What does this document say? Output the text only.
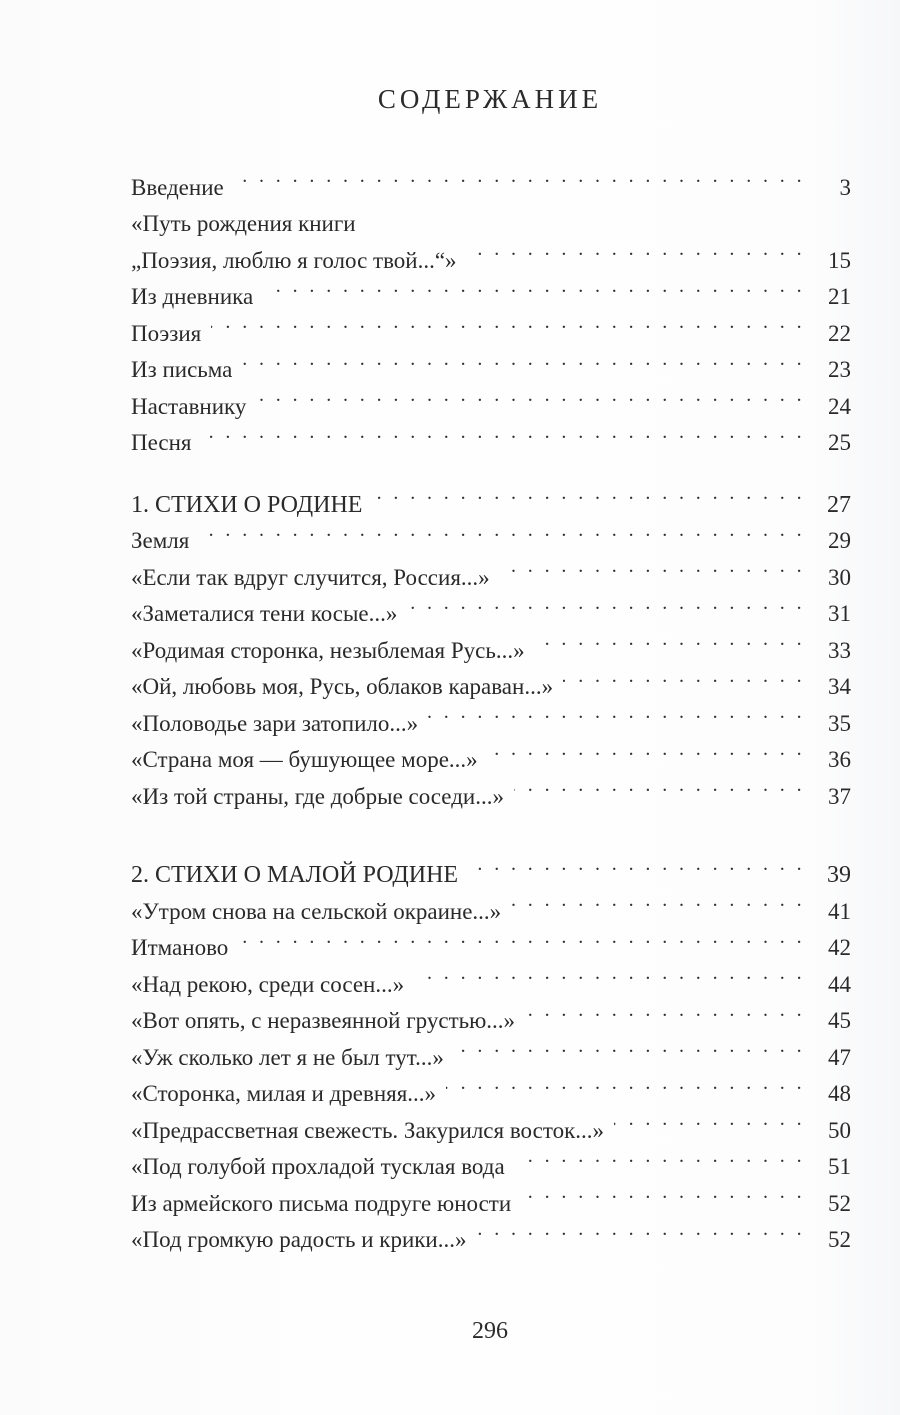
СОДЕРЖАНИЕ
Введение . . .	3
«Путь рождения книги
„Поэзия, люблю я голос твой...“» . . .	15
Из дневника . . .	21
Поэзия . . .	22
Из письма . . .	23
Наставнику . . .	24
Песня . . .	25
1. СТИХИ О РОДИНЕ . . .	27
Земля . . .	29
«Если так вдруг случится, Россия...» . . .	30
«Заметалися тени косые...» . . .	31
«Родимая сторонка, незыблемая Русь...» . . .	33
«Ой, любовь моя, Русь, облаков караван...» . . .	34
«Половодье зари затопило...» . . .	35
«Страна моя — бушующее море...» . . .	36
«Из той страны, где добрые соседи...» . . .	37
2. СТИХИ О МАЛОЙ РОДИНЕ . . .	39
«Утром снова на сельской окраине...» . . .	41
Итманово . . .	42
«Над рекою, среди сосен...» . . .	44
«Вот опять, с неразвеянной грустью...» . . .	45
«Уж сколько лет я не был тут...» . . .	47
«Сторонка, милая и древняя...» . . .	48
«Предрассветная свежесть. Закурился восток...» . . .	50
«Под голубой прохладой тусклая вода . . .	51
Из армейского письма подруге юности . . .	52
«Под громкую радость и крики...» . . .	52
296
